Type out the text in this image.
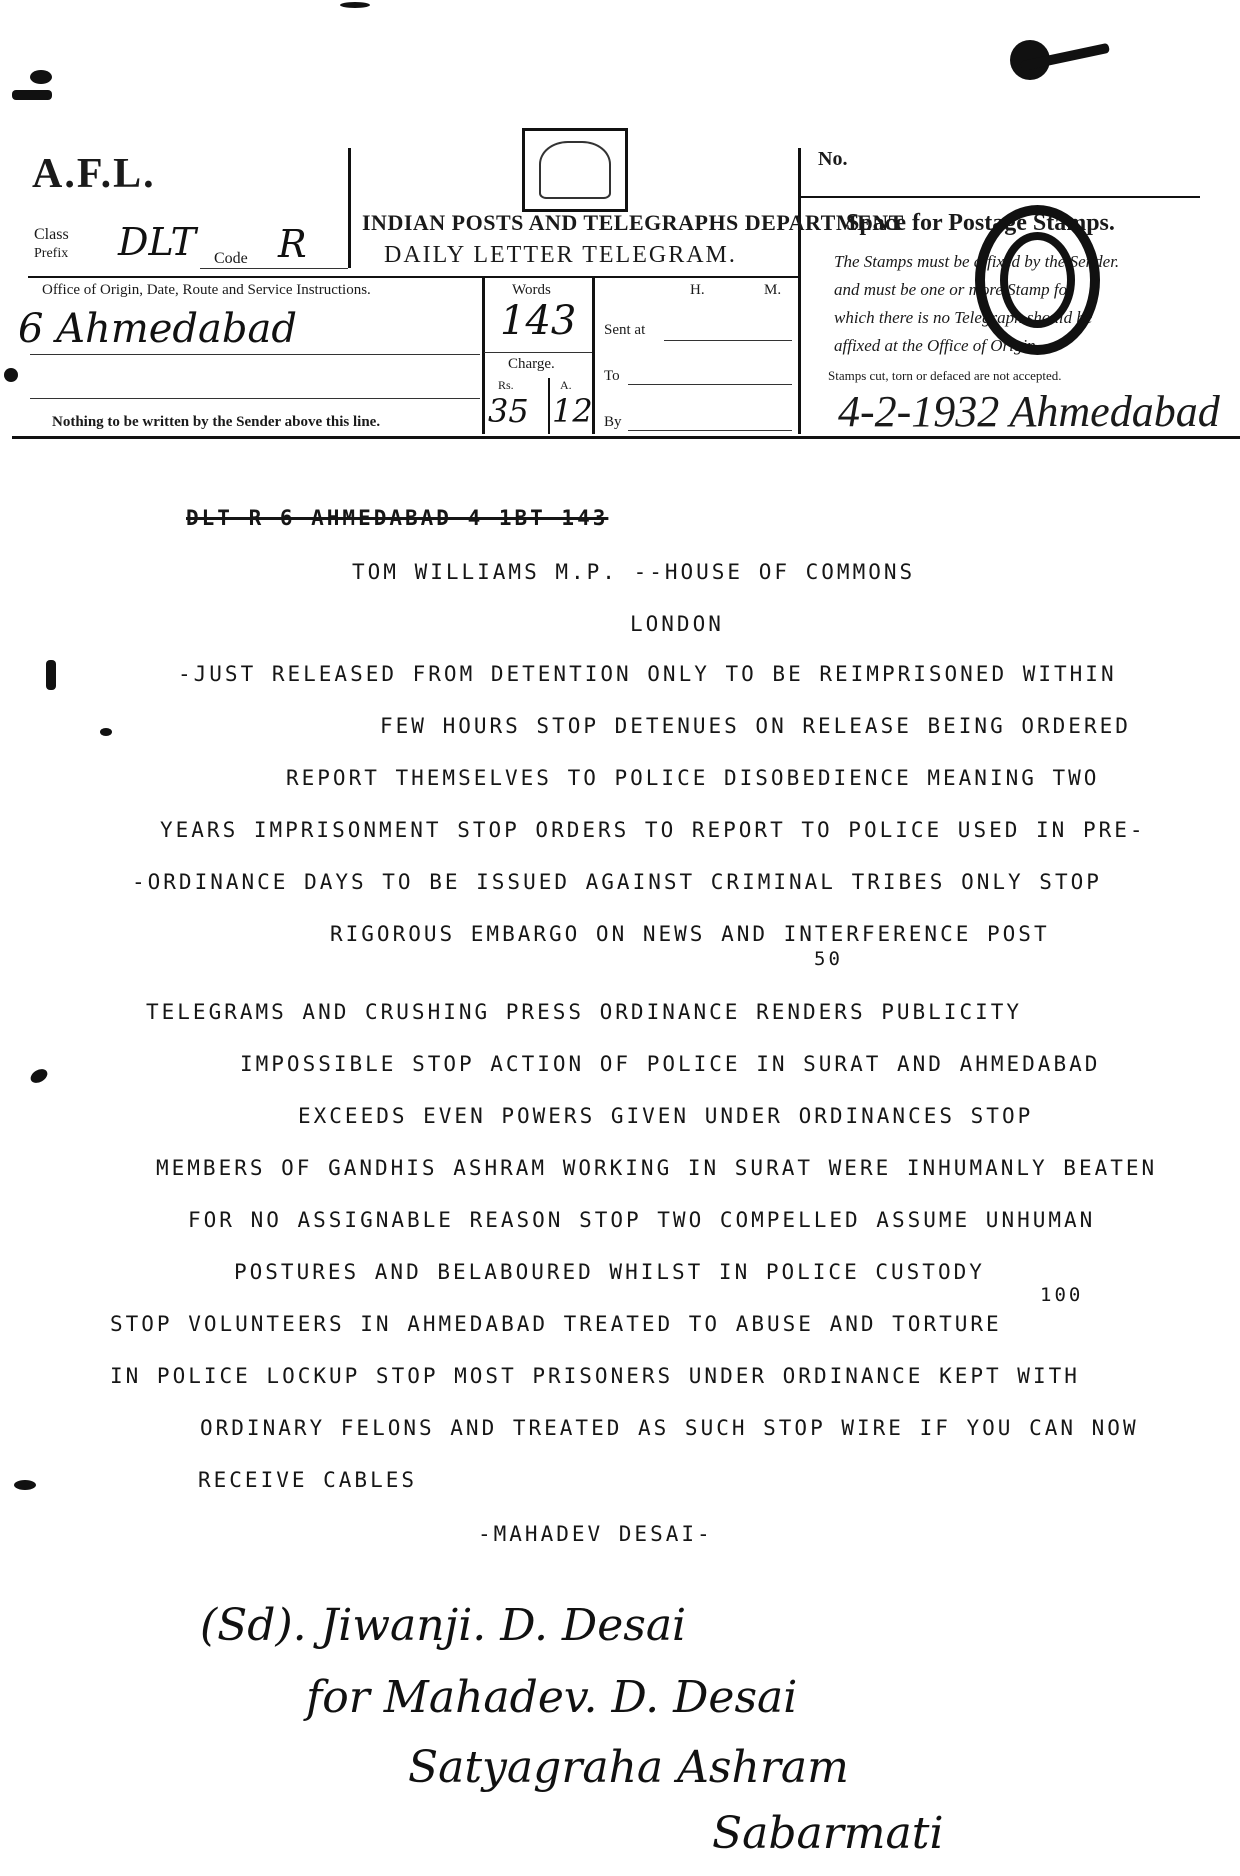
A.F.L.
Class
Prefix DLT Code R
Office of Origin, Date, Route and Service Instructions.
6 Ahmedabad
Nothing to be written by the Sender above this line.
INDIAN POSTS AND TELEGRAPHS DEPARTMENT
DAILY LETTER TELEGRAM.
Words
143
Charge.
Rs.	A.
35 12
H.	M.
Sent at
To
By
No.
Space for Postage Stamps.
The Stamps must be affixed by the Sender.
and must be one or more Stamp for
which there is no Telegraph should be
affixed at the Office of Origin.
Stamps cut, torn or defaced are not accepted.
4-2-1932 Ahmedabad
DLT R 6 AHMEDABAD 4 1BT 143
TOM WILLIAMS M.P. --HOUSE OF COMMONS
LONDON
-JUST RELEASED FROM DETENTION ONLY TO BE REIMPRISONED WITHIN
FEW HOURS STOP DETENUES ON RELEASE BEING ORDERED
REPORT THEMSELVES TO POLICE DISOBEDIENCE MEANING TWO
YEARS IMPRISONMENT STOP ORDERS TO REPORT TO POLICE USED IN PRE-
-ORDINANCE DAYS TO BE ISSUED AGAINST CRIMINAL TRIBES ONLY STOP
RIGOROUS EMBARGO ON NEWS AND INTERFERENCE POST
50
TELEGRAMS AND CRUSHING PRESS ORDINANCE RENDERS PUBLICITY
IMPOSSIBLE STOP ACTION OF POLICE IN SURAT AND AHMEDABAD
EXCEEDS EVEN POWERS GIVEN UNDER ORDINANCES STOP
MEMBERS OF GANDHIS ASHRAM WORKING IN SURAT WERE INHUMANLY BEATEN
FOR NO ASSIGNABLE REASON STOP TWO COMPELLED ASSUME UNHUMAN
POSTURES AND BELABOURED WHILST IN POLICE CUSTODY
100
STOP VOLUNTEERS IN AHMEDABAD TREATED TO ABUSE AND TORTURE
IN POLICE LOCKUP STOP MOST PRISONERS UNDER ORDINANCE KEPT WITH
ORDINARY FELONS AND TREATED AS SUCH STOP WIRE IF YOU CAN NOW
RECEIVE CABLES
-MAHADEV DESAI-
(Sd). Jiwanji. D. Desai
for Mahadev. D. Desai
Satyagraha Ashram
Sabarmati
